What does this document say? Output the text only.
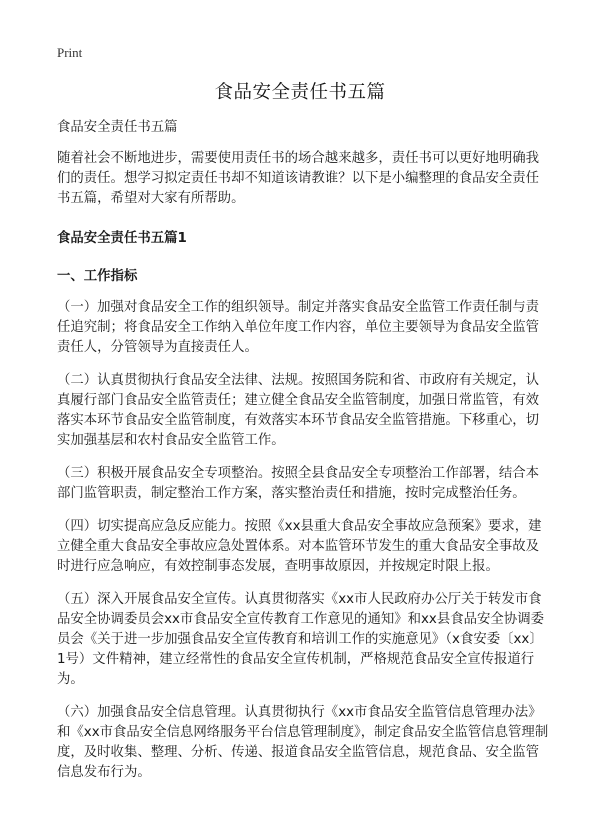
Print
食品安全责任书五篇

食品安全责任书五篇

随着社会不断地进步，需要使用责任书的场合越来越多，责任书可以更好地明确我们的责任。想学习拟定责任书却不知道该请教谁？以下是小编整理的食品安全责任书五篇，希望对大家有所帮助。

食品安全责任书五篇1

一、工作指标

（一）加强对食品安全工作的组织领导。制定并落实食品安全监管工作责任制与责任追究制；将食品安全工作纳入单位年度工作内容，单位主要领导为食品安全监管责任人，分管领导为直接责任人。

（二）认真贯彻执行食品安全法律、法规。按照国务院和省、市政府有关规定，认真履行部门食品安全监管责任；建立健全食品安全监管制度，加强日常监管，有效落实本环节食品安全监管制度，有效落实本环节食品安全监管措施。下移重心，切实加强基层和农村食品安全监管工作。

（三）积极开展食品安全专项整治。按照全县食品安全专项整治工作部署，结合本部门监管职责，制定整治工作方案，落实整治责任和措施，按时完成整治任务。

（四）切实提高应急反应能力。按照《xx县重大食品安全事故应急预案》要求，建立健全重大食品安全事故应急处置体系。对本监管环节发生的重大食品安全事故及时进行应急响应，有效控制事态发展，查明事故原因，并按规定时限上报。

（五）深入开展食品安全宣传。认真贯彻落实《xx市人民政府办公厅关于转发市食品安全协调委员会xx市食品安全宣传教育工作意见的通知》和xx县食品安全协调委员会《关于进一步加强食品安全宣传教育和培训工作的实施意见》（x食安委〔xx〕1号）文件精神，建立经常性的食品安全宣传机制，严格规范食品安全宣传报道行为。

（六）加强食品安全信息管理。认真贯彻执行《xx市食品安全监管信息管理办法》和《xx市食品安全信息网络服务平台信息管理制度》，制定食品安全监管信息管理制度，及时收集、整理、分析、传递、报道食品安全监管信息，规范食品、安全监管信息发布行为。
